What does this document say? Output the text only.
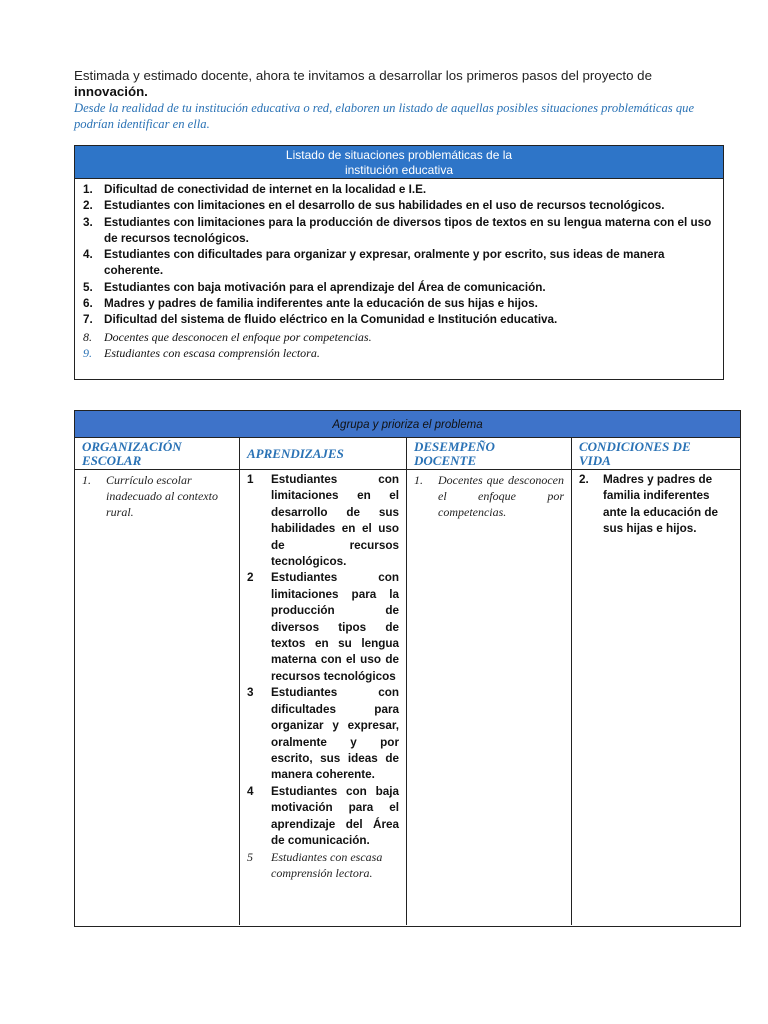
Estimada y estimado docente, ahora te invitamos a desarrollar los primeros pasos del proyecto de
innovación.
Desde la realidad de tu institución educativa o red, elaboren un listado de aquellas posibles situaciones problemáticas que podrían identificar en ella.
Listado de situaciones problemáticas de la
institución educativa
1. Dificultad de conectividad de internet en la localidad e I.E.
2. Estudiantes con limitaciones en el desarrollo de sus habilidades en el uso de recursos tecnológicos.
3. Estudiantes con limitaciones para la producción de diversos tipos de textos en su lengua materna con el uso de recursos tecnológicos.
4. Estudiantes con dificultades para organizar y expresar, oralmente y por escrito, sus ideas de manera coherente.
5. Estudiantes con baja motivación para el aprendizaje del Área de comunicación.
6. Madres y padres de familia indiferentes ante la educación de sus hijas e hijos.
7. Dificultad del sistema de fluido eléctrico en la Comunidad e Institución educativa.
8. Docentes que desconocen el enfoque por competencias.
9. Estudiantes con escasa comprensión lectora.
Agrupa y prioriza el problema
ORGANIZACIÓN
ESCOLAR	APRENDIZAJES	DESEMPEÑO
DOCENTE
CONDICIONES DE
VIDA
1. Currículo escolar inadecuado al contexto rural.
1 Estudiantes con limitaciones en el desarrollo de sus habilidades en el uso de recursos tecnológicos.
2 Estudiantes con limitaciones para la producción de diversos tipos de textos en su lengua materna con el uso de recursos tecnológicos
3 Estudiantes con dificultades para organizar y expresar, oralmente y por escrito, sus ideas de manera coherente.
4 Estudiantes con baja motivación para el aprendizaje del Área de comunicación.
5 Estudiantes con escasa comprensión lectora.
1. Docentes que desconocen el enfoque por competencias.
2. Madres y padres de familia indiferentes ante la educación de sus hijas e hijos.
